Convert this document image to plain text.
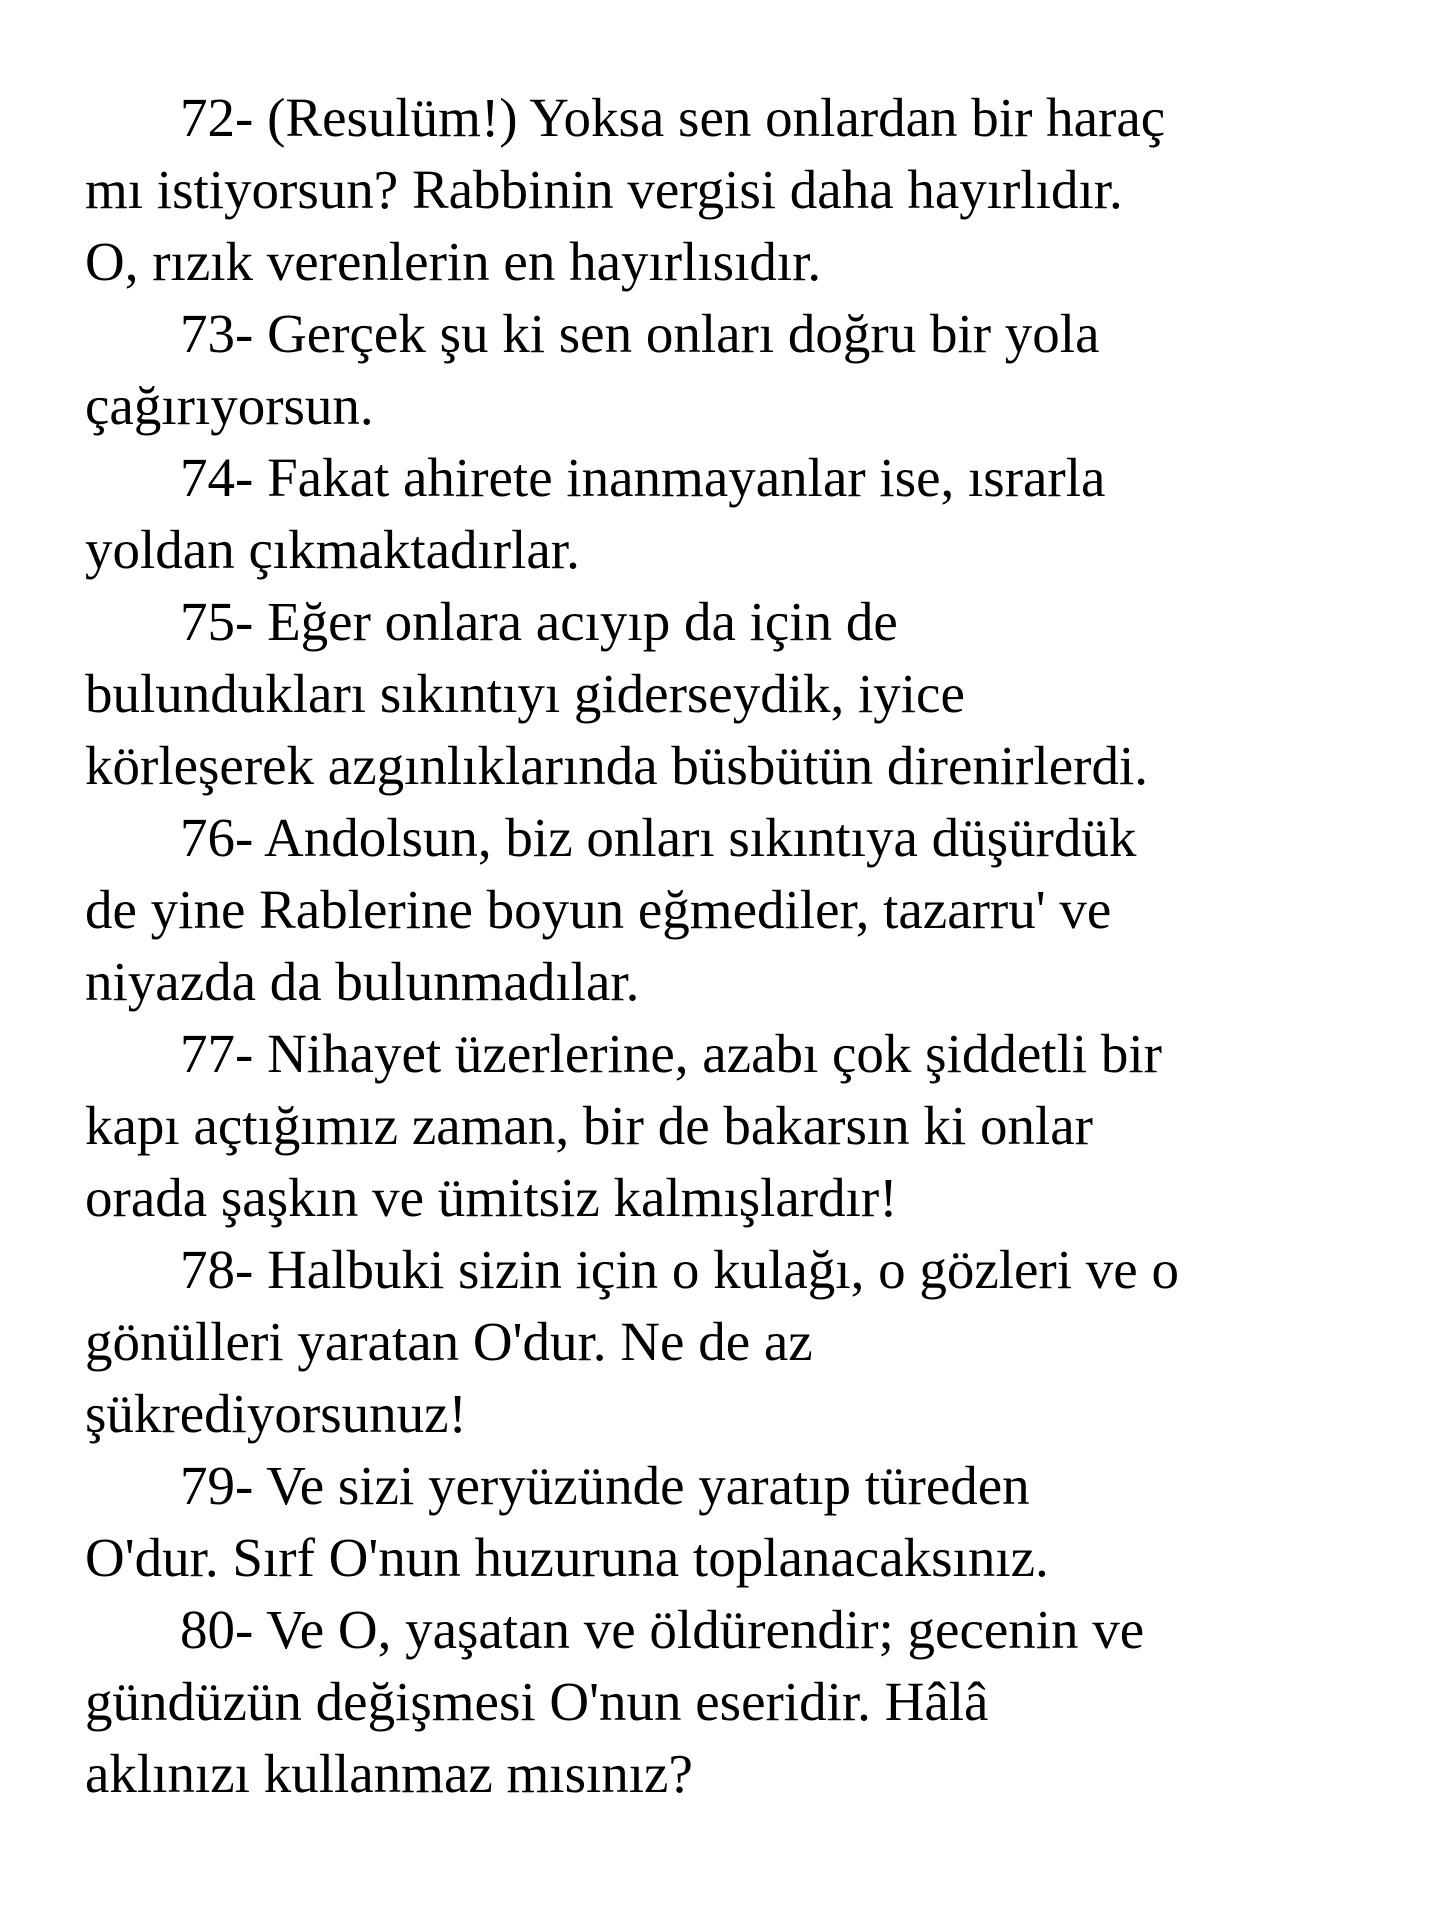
72- (Resulüm!) Yoksa sen onlardan bir haraç
mı istiyorsun? Rabbinin vergisi daha hayırlıdır.
O, rızık verenlerin en hayırlısıdır.

73- Gerçek şu ki sen onları doğru bir yola
çağırıyorsun.

74- Fakat ahirete inanmayanlar ise, ısrarla
yoldan çıkmaktadırlar.

75- Eğer onlara acıyıp da için de
bulundukları sıkıntıyı giderseydik, iyice
körleşerek azgınlıklarında büsbütün direnirlerdi.

76- Andolsun, biz onları sıkıntıya düşürdük
de yine Rablerine boyun eğmediler, tazarru' ve
niyazda da bulunmadılar.

77- Nihayet üzerlerine, azabı çok şiddetli bir
kapı açtığımız zaman, bir de bakarsın ki onlar
orada şaşkın ve ümitsiz kalmışlardır!

78- Halbuki sizin için o kulağı, o gözleri ve o
gönülleri yaratan O'dur. Ne de az
şükrediyorsunuz!

79- Ve sizi yeryüzünde yaratıp türeden
O'dur. Sırf O'nun huzuruna toplanacaksınız.

80- Ve O, yaşatan ve öldürendir; gecenin ve
gündüzün değişmesi O'nun eseridir. Hâlâ
aklınızı kullanmaz mısınız?
